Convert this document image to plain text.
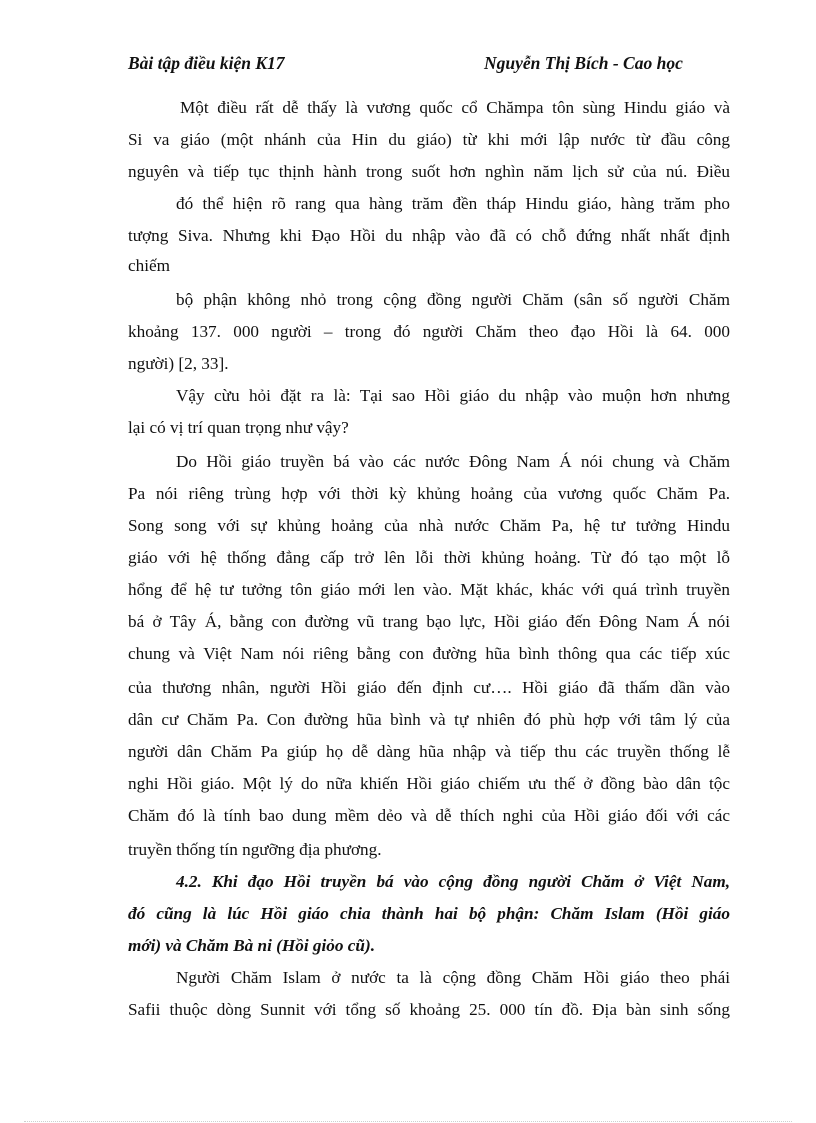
Bài tập điều kiện K17	Nguyễn Thị Bích - Cao học
Một điều rất dễ thấy là vương quốc cổ Chămpa tôn sùng Hindu giáo và
Si va giáo (một nhánh của Hin du giáo) từ khi mới lập nước từ đầu công
nguyên và tiếp tục thịnh hành trong suốt hơn nghìn năm lịch sử của nú. Điều
đó thể hiện rõ rang qua hàng trăm đền tháp Hindu giáo, hàng trăm pho
tượng Siva. Nhưng khi Đạo Hồi du nhập vào đã có chỗ đứng nhất nhất định
chiếm
bộ phận không nhỏ trong cộng đồng người Chăm (sân số người Chăm
khoảng 137. 000 người – trong đó người Chăm theo đạo Hồi là 64. 000
người) [2, 33].
Vậy cừu hỏi đặt ra là: Tại sao Hồi giáo du nhập vào muộn hơn nhưng
lại có vị trí quan trọng như vậy?
Do Hồi giáo truyền bá vào các nước Đông Nam Á nói chung và Chăm
Pa nói riêng trùng hợp với thời kỳ khủng hoảng của vương quốc Chăm Pa.
Song song với sự khủng hoảng của nhà nước Chăm Pa, hệ tư tưởng Hindu
giáo với hệ thống đẳng cấp trở lên lỗi thời khủng hoảng. Từ đó tạo một lỗ
hổng để hệ tư tưởng tôn giáo mới len vào. Mặt khác, khác với quá trình truyền
bá ở Tây Á, bằng con đường vũ trang bạo lực, Hồi giáo đến Đông Nam Á nói
chung và Việt Nam nói riêng bằng con đường hũa bình thông qua các tiếp xúc
của thương nhân, người Hồi giáo đến định cư…. Hồi giáo đã thấm dần vào
dân cư Chăm Pa. Con đường hũa bình và tự nhiên đó phù hợp với tâm lý của
người dân Chăm Pa giúp họ dễ dàng hũa nhập và tiếp thu các truyền thống lễ
nghi Hồi giáo. Một lý do nữa khiến Hồi giáo chiếm ưu thế ở đồng bào dân tộc
Chăm đó là tính bao dung mềm dẻo và dễ thích nghi của Hồi giáo đối với các
truyền thống tín ngưỡng địa phương.
4.2. Khi đạo Hồi truyền bá vào cộng đồng người Chăm ở Việt Nam,
đó cũng là lúc Hồi giáo chia thành hai bộ phận: Chăm Islam (Hồi giáo
mới) và Chăm Bà ni (Hồi giỏo cũ).
Người Chăm Islam ở nước ta là cộng đồng Chăm Hồi giáo theo phái
Safii thuộc dòng Sunnit với tổng số khoảng 25. 000 tín đồ. Địa bàn sinh sống
